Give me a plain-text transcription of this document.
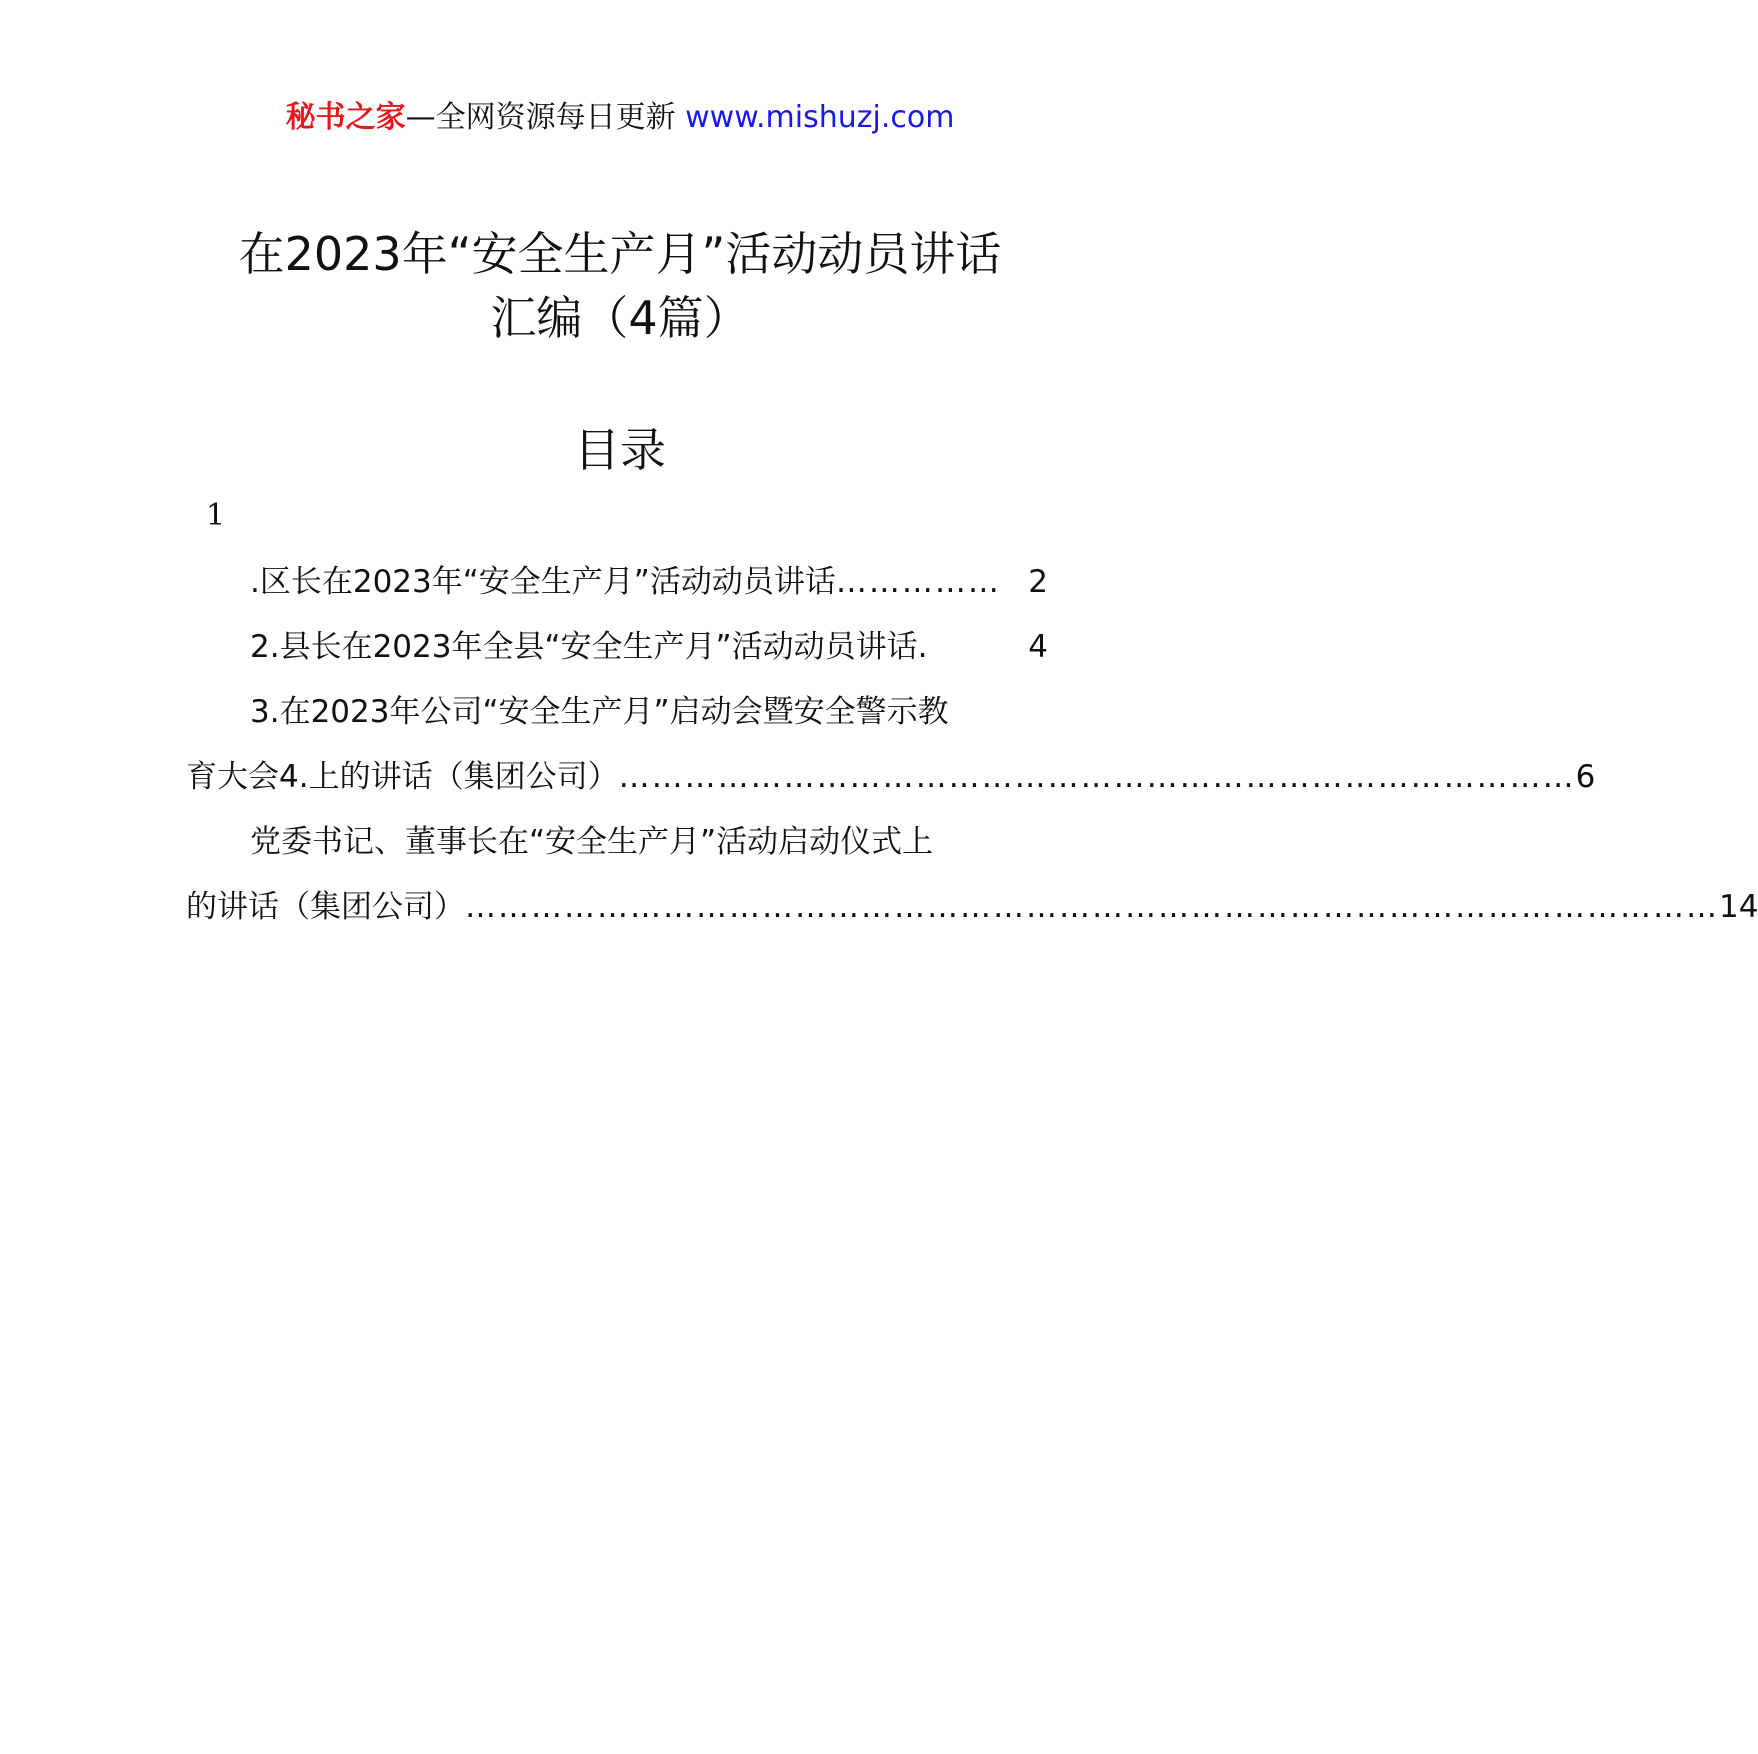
秘书之家—全网资源每日更新 www.mishuzj.com
在2023年“安全生产月”活动动员讲话
汇编（4篇）
目录
1
.区长在2023年“安全生产月”活动动员讲话 …………… 2
2.县长在2023年全县“安全生产月”活动动员讲话 .	4
3.在2023年公司“安全生产月”启动会暨安全警示教
育大会4.上的讲话（集团公司） …………………………………………………………………………… 6
党委书记、董事长在“安全生产月”活动启动仪式上
的讲话（集团公司） …………………………………………………………………………………………………… 14
